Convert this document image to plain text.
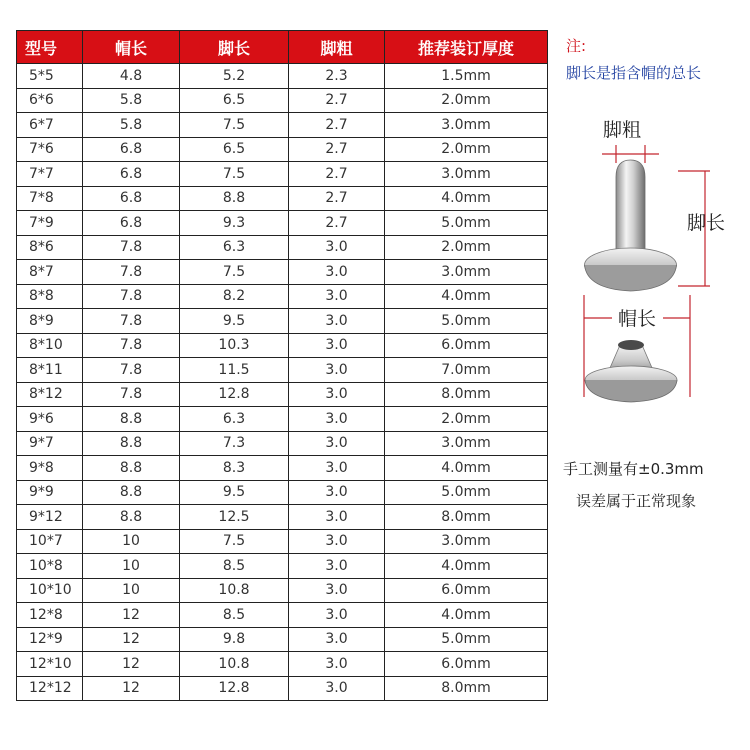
型号	帽长	脚长	脚粗	推荐装订厚度
5*5	4.8	5.2	2.3	1.5mm
6*6	5.8	6.5	2.7	2.0mm
6*7	5.8	7.5	2.7	3.0mm
7*6	6.8	6.5	2.7	2.0mm
7*7	6.8	7.5	2.7	3.0mm
7*8	6.8	8.8	2.7	4.0mm
7*9	6.8	9.3	2.7	5.0mm
8*6	7.8	6.3	3.0	2.0mm
8*7	7.8	7.5	3.0	3.0mm
8*8	7.8	8.2	3.0	4.0mm
8*9	7.8	9.5	3.0	5.0mm
8*10	7.8	10.3	3.0	6.0mm
8*11	7.8	11.5	3.0	7.0mm
8*12	7.8	12.8	3.0	8.0mm
9*6	8.8	6.3	3.0	2.0mm
9*7	8.8	7.3	3.0	3.0mm
9*8	8.8	8.3	3.0	4.0mm
9*9	8.8	9.5	3.0	5.0mm
9*12	8.8	12.5	3.0	8.0mm
10*7	10	7.5	3.0	3.0mm
10*8	10	8.5	3.0	4.0mm
10*10	10	10.8	3.0	6.0mm
12*8	12	8.5	3.0	4.0mm
12*9	12	9.8	3.0	5.0mm
12*10	12	10.8	3.0	6.0mm
12*12	12	12.8	3.0	8.0mm
注:
脚长是指含帽的总长
脚粗
脚长
帽长
手工测量有±0.3mm
误差属于正常现象
